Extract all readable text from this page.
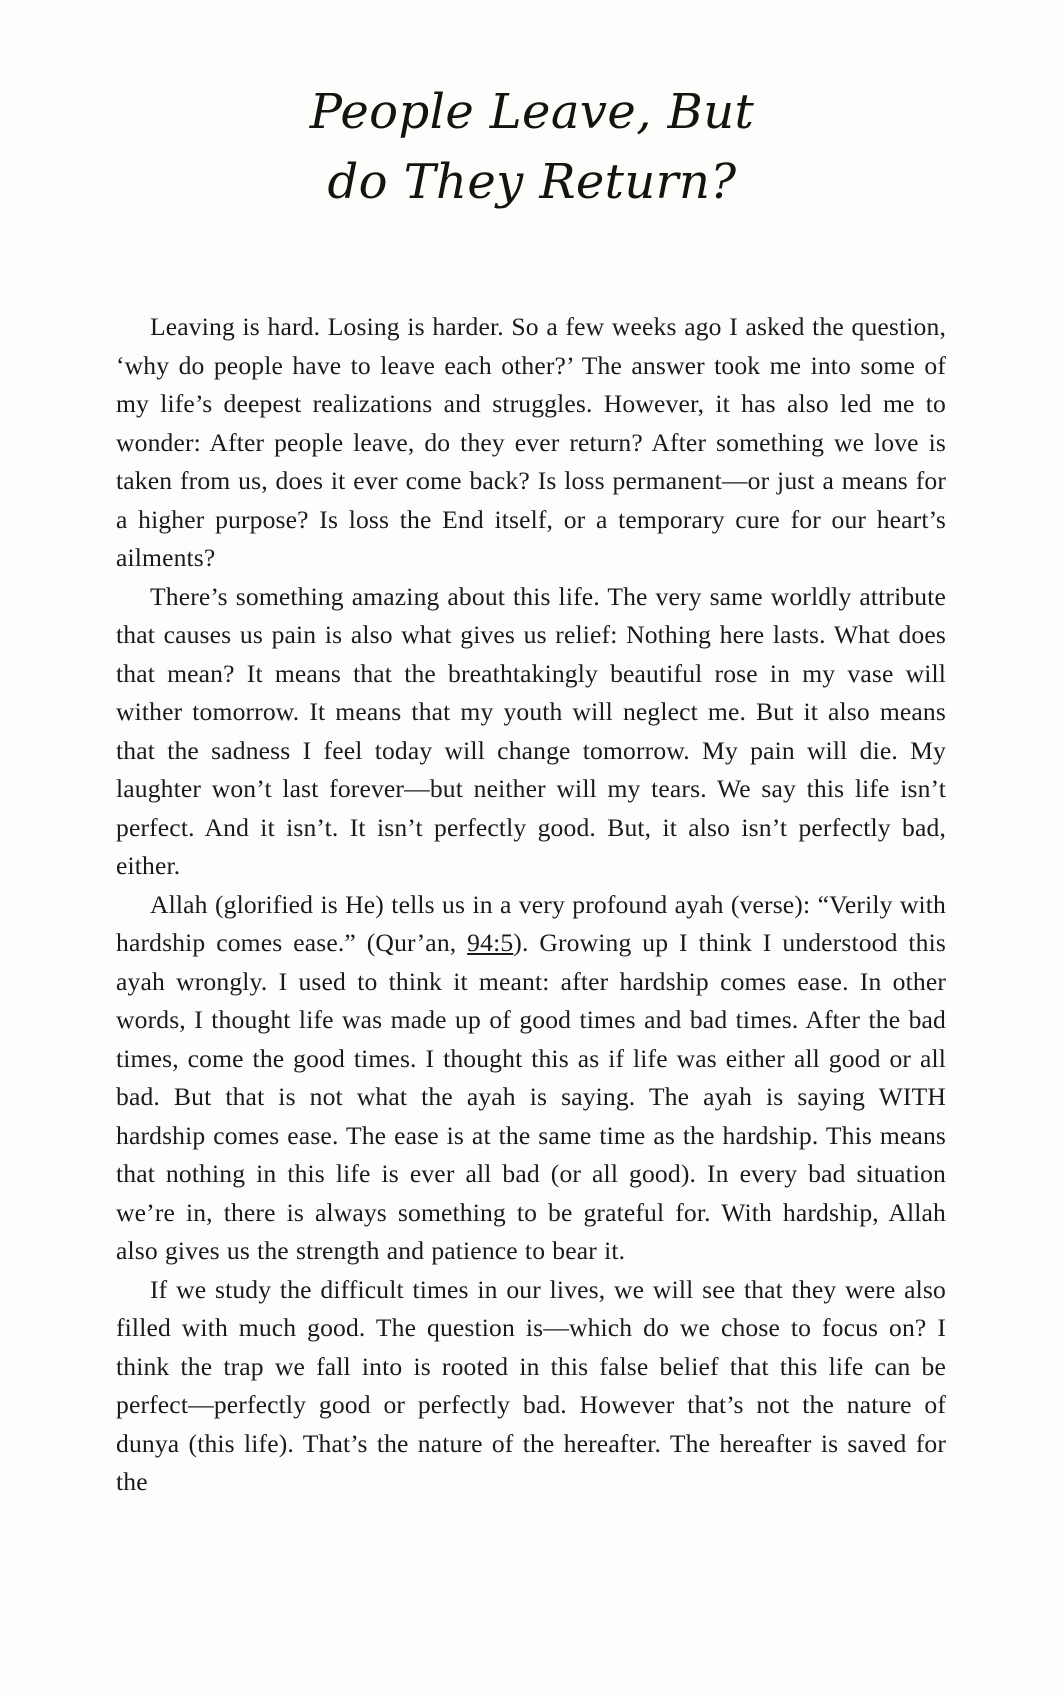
People Leave, But
do They Return?

Leaving is hard. Losing is harder. So a few weeks ago I asked the question, ‘why do people have to leave each other?’ The answer took me into some of my life’s deepest realizations and struggles. However, it has also led me to wonder: After people leave, do they ever return? After something we love is taken from us, does it ever come back? Is loss permanent—or just a means for a higher purpose? Is loss the End itself, or a temporary cure for our heart’s ailments?

There’s something amazing about this life. The very same worldly attribute that causes us pain is also what gives us relief: Nothing here lasts. What does that mean? It means that the breathtakingly beautiful rose in my vase will wither tomorrow. It means that my youth will neglect me. But it also means that the sadness I feel today will change tomorrow. My pain will die. My laughter won’t last forever—but neither will my tears. We say this life isn’t perfect. And it isn’t. It isn’t perfectly good. But, it also isn’t perfectly bad, either.

Allah (glorified is He) tells us in a very profound ayah (verse): “Verily with hardship comes ease.” (Qur’an, 94:5). Growing up I think I understood this ayah wrongly. I used to think it meant: after hardship comes ease. In other words, I thought life was made up of good times and bad times. After the bad times, come the good times. I thought this as if life was either all good or all bad. But that is not what the ayah is saying. The ayah is saying WITH hardship comes ease. The ease is at the same time as the hardship. This means that nothing in this life is ever all bad (or all good). In every bad situation we’re in, there is always something to be grateful for. With hardship, Allah also gives us the strength and patience to bear it.

If we study the difficult times in our lives, we will see that they were also filled with much good. The question is—which do we chose to focus on? I think the trap we fall into is rooted in this false belief that this life can be perfect—perfectly good or perfectly bad. However that’s not the nature of dunya (this life). That’s the nature of the hereafter. The hereafter is saved for the
